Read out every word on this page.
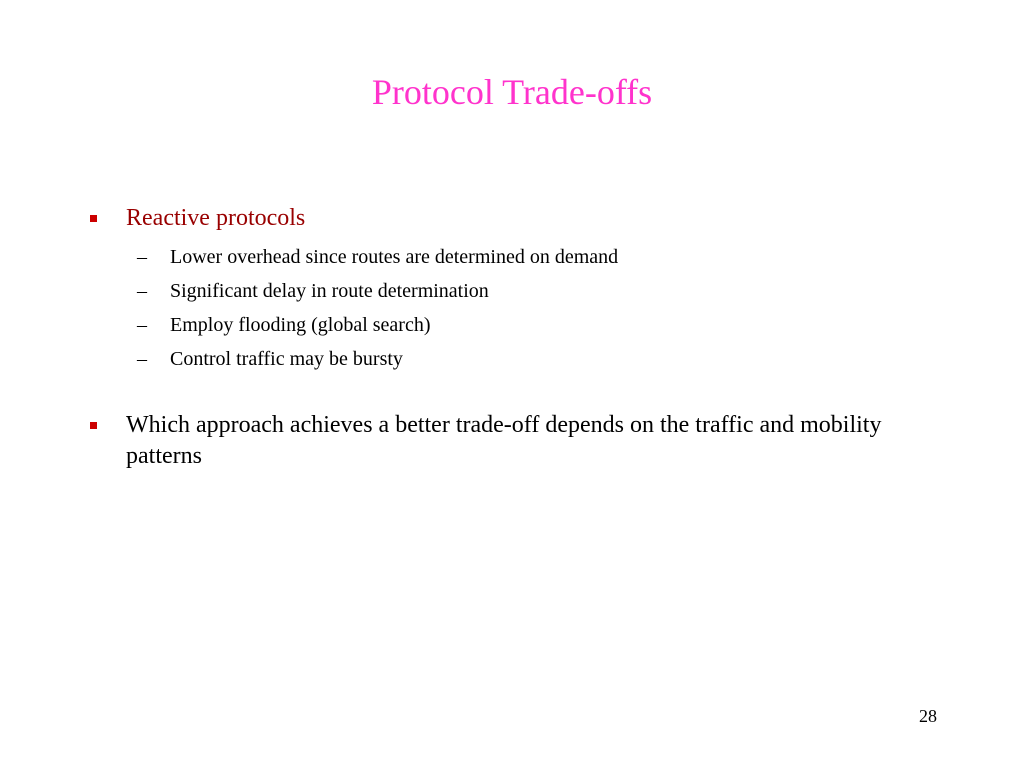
Protocol Trade-offs
Reactive protocols
– Lower overhead since routes are determined on demand
– Significant delay in route determination
– Employ flooding (global search)
– Control traffic may be bursty
Which approach achieves a better trade-off depends on the traffic and mobility patterns
28
